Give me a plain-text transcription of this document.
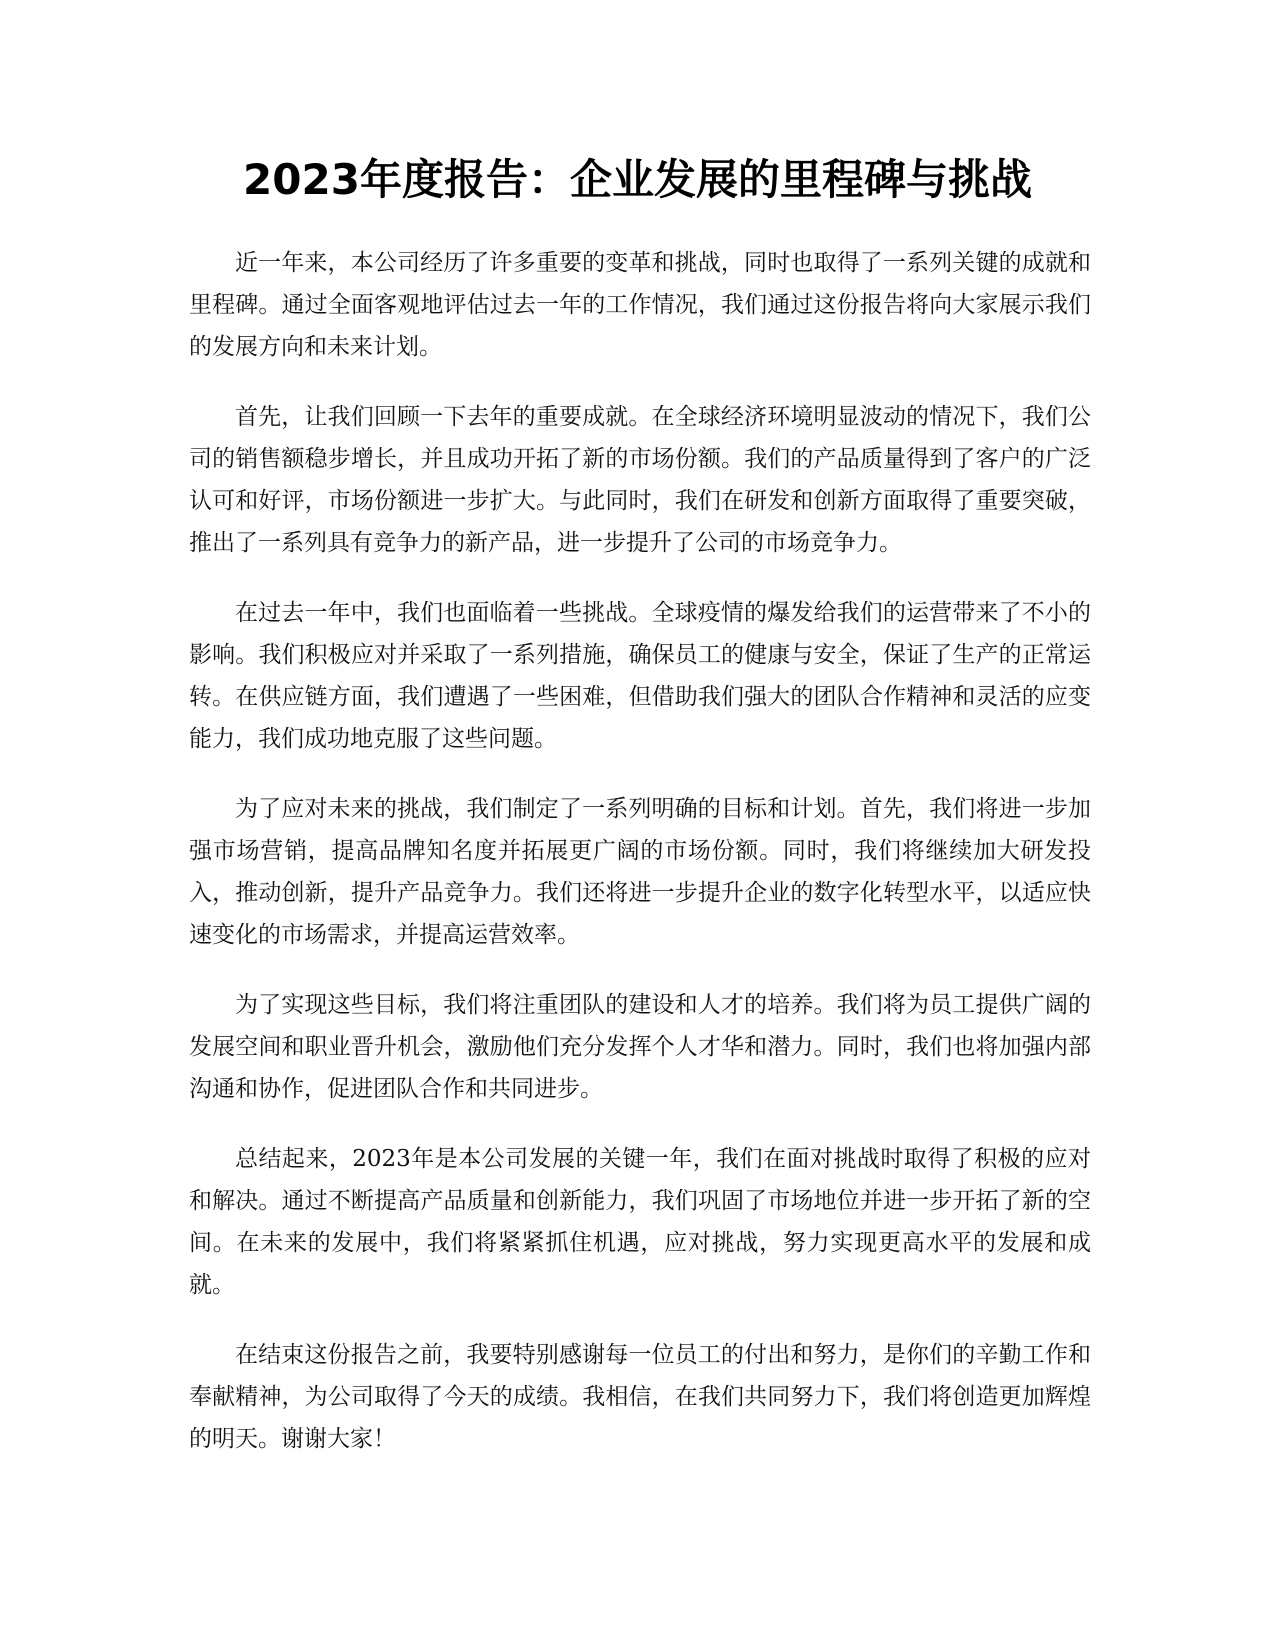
2023年度报告：企业发展的里程碑与挑战

近一年来，本公司经历了许多重要的变革和挑战，同时也取得了一系列关键的成就和里程碑。通过全面客观地评估过去一年的工作情况，我们通过这份报告将向大家展示我们的发展方向和未来计划。

首先，让我们回顾一下去年的重要成就。在全球经济环境明显波动的情况下，我们公司的销售额稳步增长，并且成功开拓了新的市场份额。我们的产品质量得到了客户的广泛认可和好评，市场份额进一步扩大。与此同时，我们在研发和创新方面取得了重要突破，推出了一系列具有竞争力的新产品，进一步提升了公司的市场竞争力。

在过去一年中，我们也面临着一些挑战。全球疫情的爆发给我们的运营带来了不小的影响。我们积极应对并采取了一系列措施，确保员工的健康与安全，保证了生产的正常运转。在供应链方面，我们遭遇了一些困难，但借助我们强大的团队合作精神和灵活的应变能力，我们成功地克服了这些问题。

为了应对未来的挑战，我们制定了一系列明确的目标和计划。首先，我们将进一步加强市场营销，提高品牌知名度并拓展更广阔的市场份额。同时，我们将继续加大研发投入，推动创新，提升产品竞争力。我们还将进一步提升企业的数字化转型水平，以适应快速变化的市场需求，并提高运营效率。

为了实现这些目标，我们将注重团队的建设和人才的培养。我们将为员工提供广阔的发展空间和职业晋升机会，激励他们充分发挥个人才华和潜力。同时，我们也将加强内部沟通和协作，促进团队合作和共同进步。

总结起来，2023年是本公司发展的关键一年，我们在面对挑战时取得了积极的应对和解决。通过不断提高产品质量和创新能力，我们巩固了市场地位并进一步开拓了新的空间。在未来的发展中，我们将紧紧抓住机遇，应对挑战，努力实现更高水平的发展和成就。

在结束这份报告之前，我要特别感谢每一位员工的付出和努力，是你们的辛勤工作和奉献精神，为公司取得了今天的成绩。我相信，在我们共同努力下，我们将创造更加辉煌的明天。谢谢大家！
